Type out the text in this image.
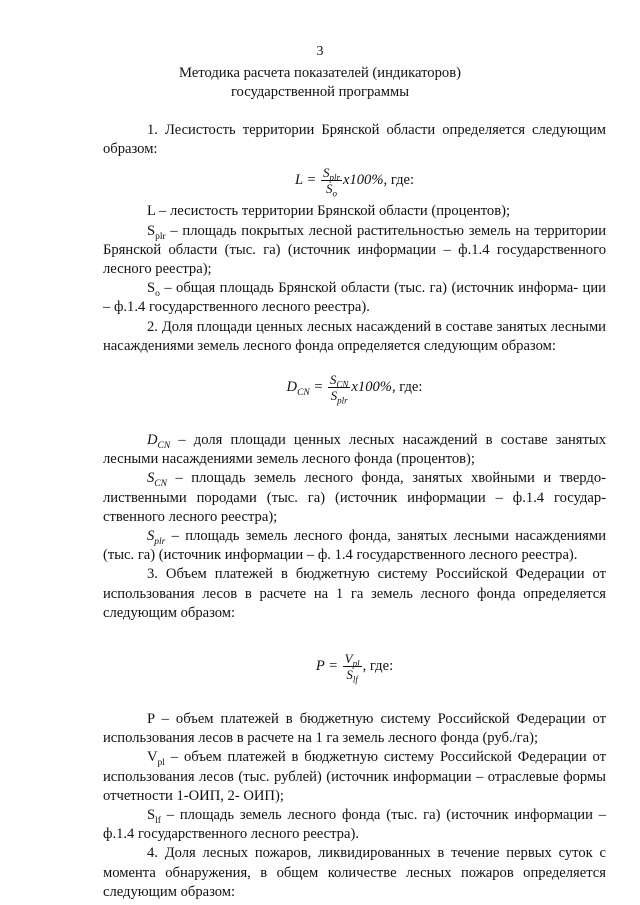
3
Методика расчета показателей (индикаторов)
государственной программы

1. Лесистость территории Брянской области определяется следующим образом:

$L = \frac{S_{plr}}{S_o} x100\%$, где:

L – лесистость территории Брянской области (процентов);

$S_{plr}$ – площадь покрытых лесной растительностью земель на территории Брянской области (тыс. га) (источник информации – ф.1.4 государственного лесного реестра);

$S_o$ – общая площадь Брянской области (тыс. га) (источник информа- ции – ф.1.4 государственного лесного реестра).

2. Доля площади ценных лесных насаждений в составе занятых лесными насаждениями земель лесного фонда определяется следующим образом:

$D_{CN} = \frac{S_{CN}}{S_{plr}} x100\%$, где:

$D_{CN}$ – доля площади ценных лесных насаждений в составе занятых лесными насаждениями земель лесного фонда (процентов);

$S_{CN}$ – площадь земель лесного фонда, занятых хвойными и твердо- лиственными породами (тыс. га) (источник информации – ф.1.4 государ- ственного лесного реестра);

$S_{plr}$ – площадь земель лесного фонда, занятых лесными насаждениями (тыс. га) (источник информации – ф. 1.4 государственного лесного реестра).

3. Объем платежей в бюджетную систему Российской Федерации от использования лесов в расчете на 1 га земель лесного фонда определяется следующим образом:

$P = \frac{V_{pl}}{S_{lf}}$ , где:

P – объем платежей в бюджетную систему Российской Федерации от использования лесов в расчете на 1 га земель лесного фонда (руб./га);

$V_{pl}$ – объем платежей в бюджетную систему Российской Федерации от использования лесов (тыс. рублей) (источник информации – отраслевые формы отчетности 1-ОИП, 2- ОИП);

$S_{lf}$ – площадь земель лесного фонда (тыс. га) (источник информации – ф.1.4 государственного лесного реестра).

4. Доля лесных пожаров, ликвидированных в течение первых суток с момента обнаружения, в общем количестве лесных пожаров определяется следующим образом:
